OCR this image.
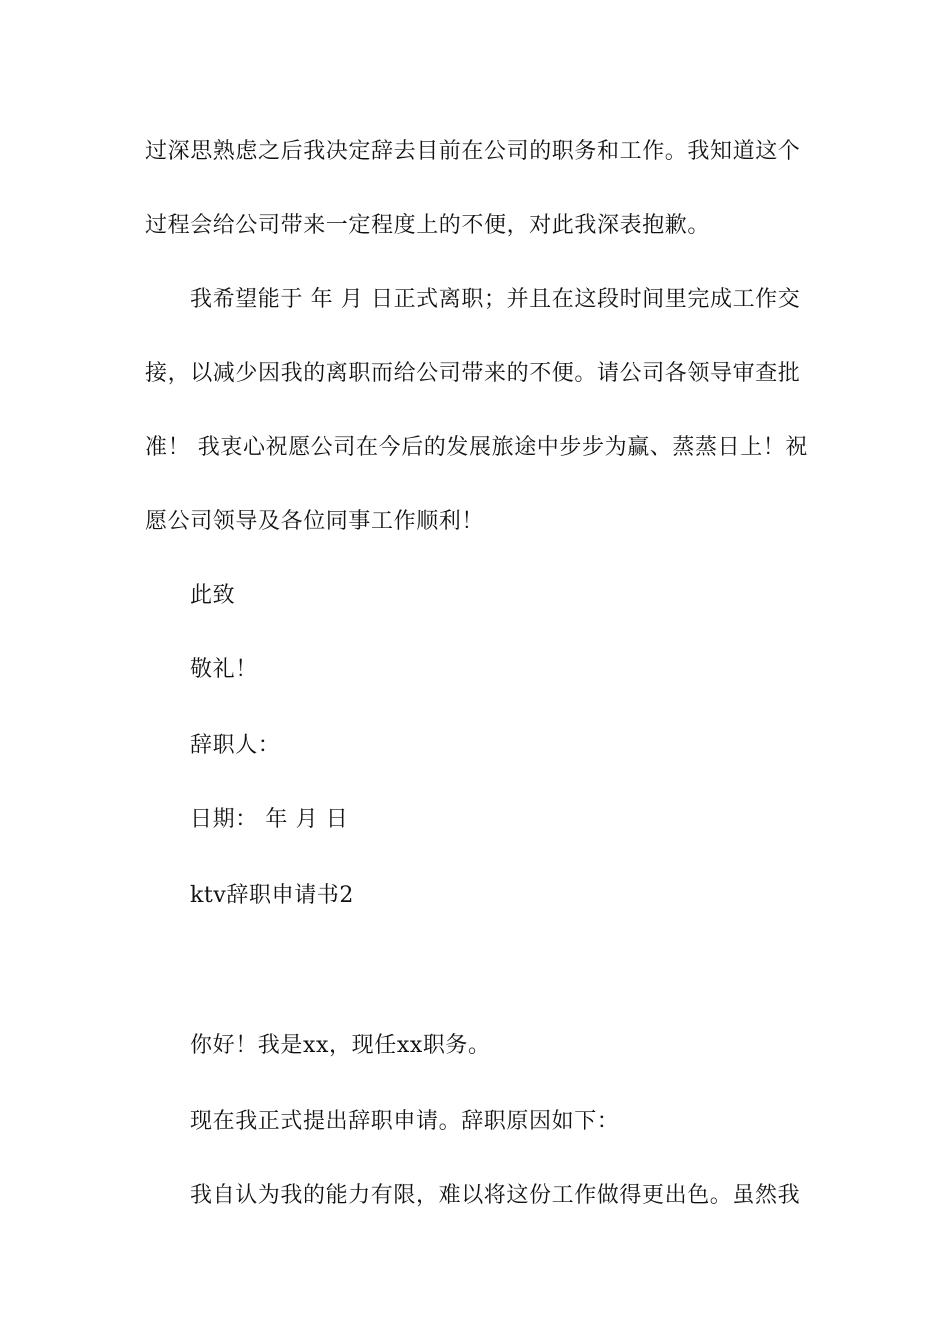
过深思熟虑之后我决定辞去目前在公司的职务和工作。我知道这个
过程会给公司带来一定程度上的不便，对此我深表抱歉。
我希望能于 年 月 日正式离职；并且在这段时间里完成工作交
接，以减少因我的离职而给公司带来的不便。请公司各领导审查批
准！ 我衷心祝愿公司在今后的发展旅途中步步为赢、蒸蒸日上！祝
愿公司领导及各位同事工作顺利！
此致
敬礼！
辞职人：
日期： 年 月 日
ktv辞职申请书2
你好！我是xx，现任xx职务。
现在我正式提出辞职申请。辞职原因如下：
我自认为我的能力有限，难以将这份工作做得更出色。虽然我
